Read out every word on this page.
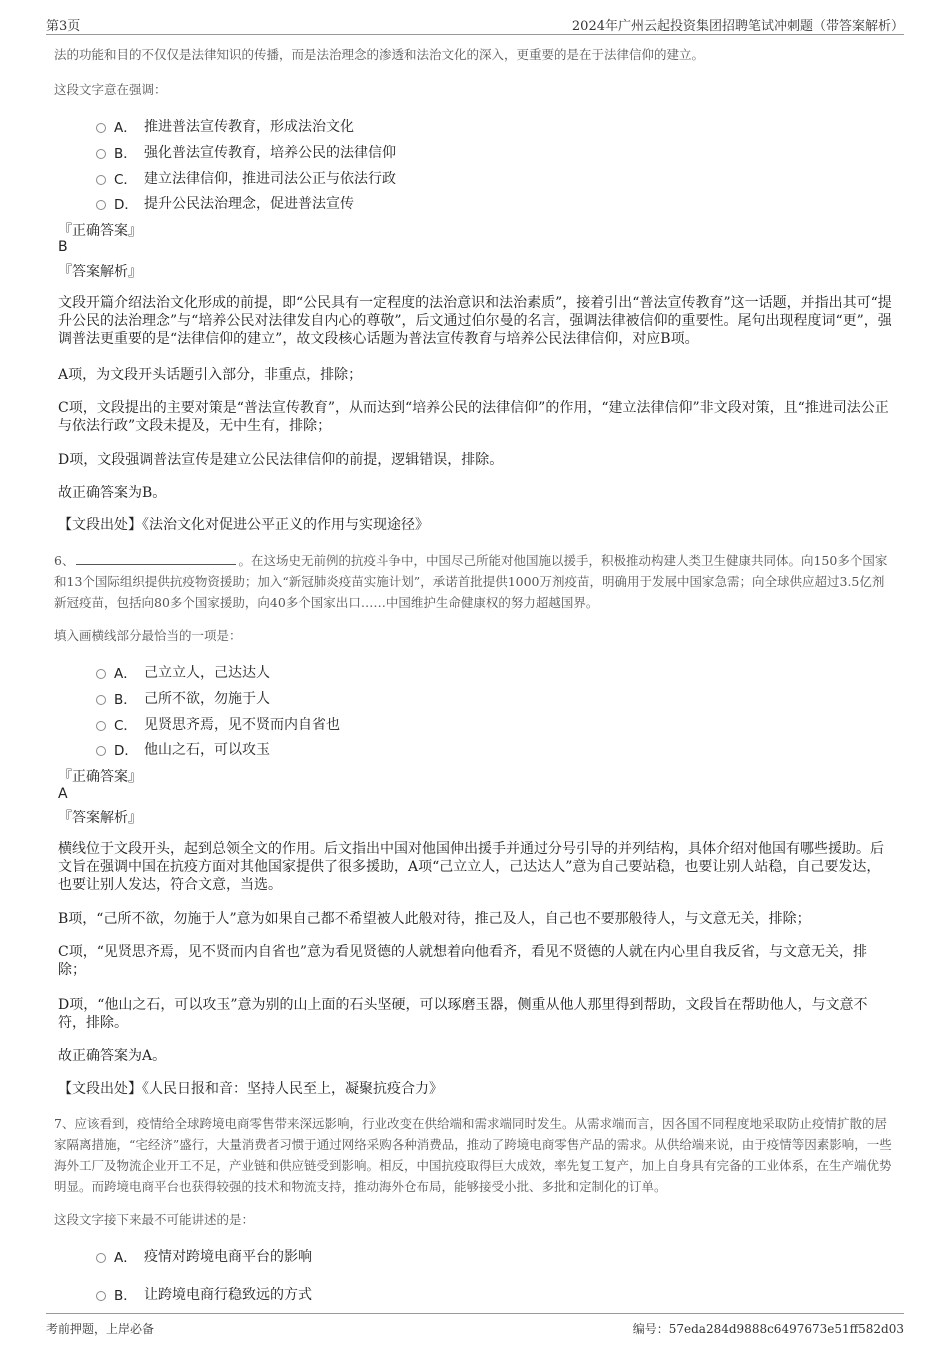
第3页	2024年广州云起投资集团招聘笔试冲刺题（带答案解析）
法的功能和目的不仅仅是法律知识的传播，而是法治理念的渗透和法治文化的深入，更重要的是在于法律信仰的建立。
这段文字意在强调：
A． 推进普法宣传教育，形成法治文化
B． 强化普法宣传教育，培养公民的法律信仰
C． 建立法律信仰，推进司法公正与依法行政
D． 提升公民法治理念，促进普法宣传
『正确答案』
B
『答案解析』
文段开篇介绍法治文化形成的前提，即“公民具有一定程度的法治意识和法治素质”，接着引出“普法宣传教育”这一话题，并指出其可“提升公民的法治理念”与“培养公民对法律发自内心的尊敬”，后文通过伯尔曼的名言，强调法律被信仰的重要性。尾句出现程度词“更”，强调普法更重要的是“法律信仰的建立”，故文段核心话题为普法宣传教育与培养公民法律信仰，对应B项。
A项，为文段开头话题引入部分，非重点，排除；
C项，文段提出的主要对策是“普法宣传教育”，从而达到“培养公民的法律信仰”的作用，“建立法律信仰”非文段对策，且“推进司法公正与依法行政”文段未提及，无中生有，排除；
D项，文段强调普法宣传是建立公民法律信仰的前提，逻辑错误，排除。
故正确答案为B。
【文段出处】《法治文化对促进公平正义的作用与实现途径》
6、	。在这场史无前例的抗疫斗争中，中国尽己所能对他国施以援手，积极推动构建人类卫生健康共同体。向150多个国家和13个国际组织提供抗疫物资援助；加入“新冠肺炎疫苗实施计划”，承诺首批提供1000万剂疫苗，明确用于发展中国家急需；向全球供应超过3.5亿剂新冠疫苗，包括向80多个国家援助，向40多个国家出口……中国维护生命健康权的努力超越国界。
填入画横线部分最恰当的一项是：
A． 己立立人，己达达人
B． 己所不欲，勿施于人
C． 见贤思齐焉，见不贤而内自省也
D． 他山之石，可以攻玉
『正确答案』
A
『答案解析』
横线位于文段开头，起到总领全文的作用。后文指出中国对他国伸出援手并通过分号引导的并列结构，具体介绍对他国有哪些援助。后文旨在强调中国在抗疫方面对其他国家提供了很多援助，A项“己立立人，己达达人”意为自己要站稳，也要让别人站稳，自己要发达，也要让别人发达，符合文意，当选。
B项，“己所不欲，勿施于人”意为如果自己都不希望被人此般对待，推己及人，自己也不要那般待人，与文意无关，排除；
C项，“见贤思齐焉，见不贤而内自省也”意为看见贤德的人就想着向他看齐，看见不贤德的人就在内心里自我反省，与文意无关，排除；
D项，“他山之石，可以攻玉”意为别的山上面的石头坚硬，可以琢磨玉器，侧重从他人那里得到帮助，文段旨在帮助他人，与文意不符，排除。
故正确答案为A。
【文段出处】《人民日报和音：坚持人民至上，凝聚抗疫合力》
7、应该看到，疫情给全球跨境电商零售带来深远影响，行业改变在供给端和需求端同时发生。从需求端而言，因各国不同程度地采取防止疫情扩散的居家隔离措施，“宅经济”盛行，大量消费者习惯于通过网络采购各种消费品，推动了跨境电商零售产品的需求。从供给端来说，由于疫情等因素影响，一些海外工厂及物流企业开工不足，产业链和供应链受到影响。相反，中国抗疫取得巨大成效，率先复工复产，加上自身具有完备的工业体系，在生产端优势明显。而跨境电商平台也获得较强的技术和物流支持，推动海外仓布局，能够接受小批、多批和定制化的订单。
这段文字接下来最不可能讲述的是：
A． 疫情对跨境电商平台的影响
B． 让跨境电商行稳致远的方式
考前押题，上岸必备	编号：57eda284d9888c6497673e51ff582d03
